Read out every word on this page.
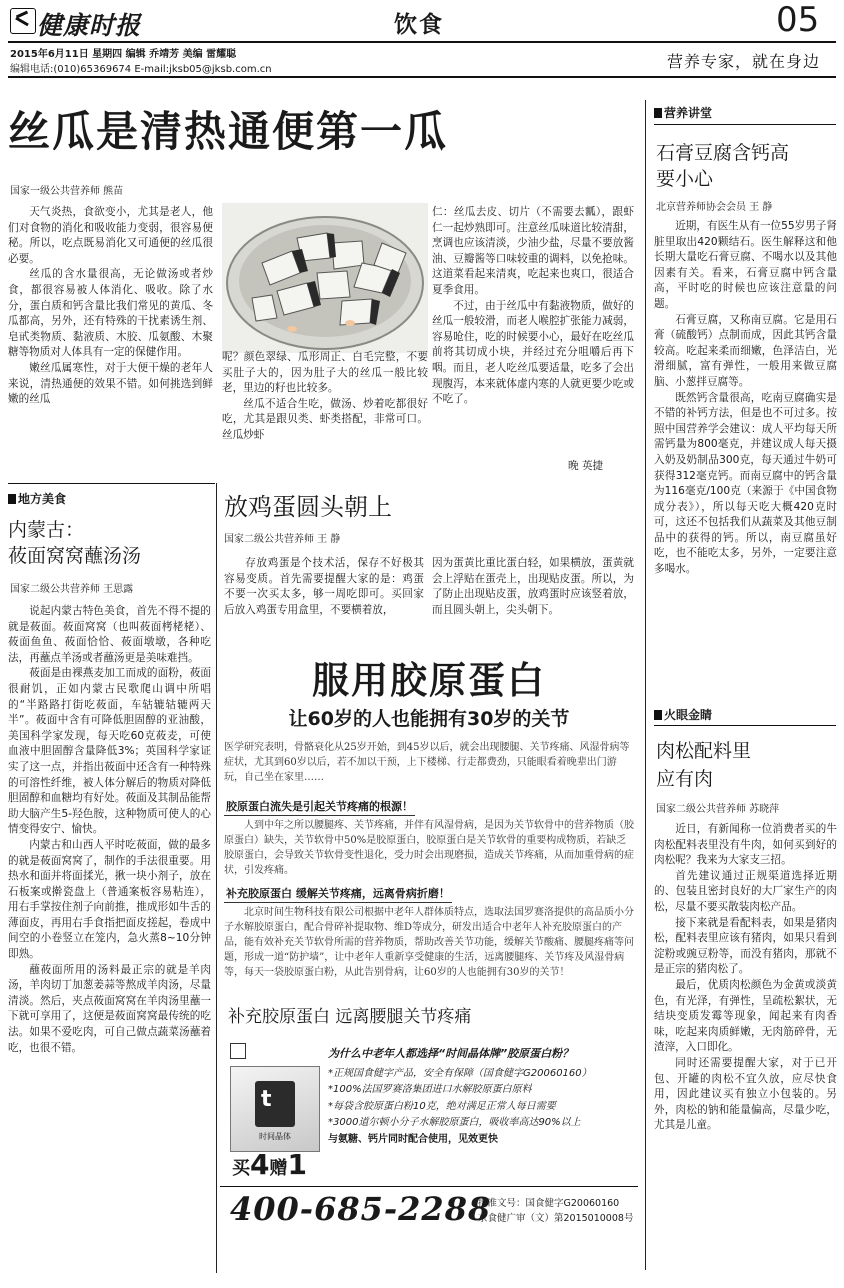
健康时报	饮食	05
2015年6月11日 星期四 编辑 乔靖芳 美编 雷耀聪
编辑电话:(010)65369674 E-mail:jksb05@jksb.com.cn	营养专家，就在身边
丝瓜是清热通便第一瓜
国家一级公共营养师 熊苗

天气炎热，食欲变小，尤其是老人，他们对食物的消化和吸收能力变弱，很容易便秘。所以，吃点既易消化又可通便的丝瓜很必要。

丝瓜的含水量很高，无论做汤或者炒食，都很容易被人体消化、吸收。除了水分，蛋白质和钙含量比我们常见的黄瓜、冬瓜都高，另外，还有特殊的干扰素诱生剂、皂甙类物质、黏液质、木胶、瓜氨酸、木聚糖等物质对人体具有一定的保健作用。

嫩丝瓜属寒性，对于大便干燥的老年人来说，清热通便的效果不错。如何挑选到鲜嫩的丝瓜

呢？颜色翠绿、瓜形周正、白毛完整，不要买肚子大的，因为肚子大的丝瓜一般比较老，里边的籽也比较多。

丝瓜不适合生吃，做汤、炒着吃都很好吃，尤其是跟贝类、虾类搭配，非常可口。丝瓜炒虾

仁：丝瓜去皮、切片（不需要去瓤），跟虾仁一起炒熟即可。注意丝瓜味道比较清甜，烹调也应该清淡，少油少盐，尽量不要放酱油、豆瓣酱等口味较重的调料，以免抢味。这道菜看起来清爽，吃起来也爽口，很适合夏季食用。

不过，由于丝瓜中有黏液物质，做好的丝瓜一般较滑，而老人喉腔扩张能力减弱，容易呛住，吃的时候要小心，最好在吃丝瓜前将其切成小块，并经过充分咀嚼后再下咽。而且，老人吃丝瓜要适量，吃多了会出现腹泻，本来就体虚内寒的人就更要少吃或不吃了。

晚 英捷
放鸡蛋圆头朝上
国家二级公共营养师 王 静

存放鸡蛋是个技术活，保存不好极其容易变质。首先需要提醒大家的是：鸡蛋不要一次买太多，够一周吃即可。买回家后放入鸡蛋专用盒里，不要横着放，

因为蛋黄比重比蛋白轻，如果横放，蛋黄就会上浮贴在蛋壳上，出现贴皮蛋。所以，为了防止出现贴皮蛋，放鸡蛋时应该竖着放，而且圆头朝上，尖头朝下。

地方美食
内蒙古：
莜面窝窝蘸汤汤
国家二级公共营养师 王思露

说起内蒙古特色美食，首先不得不提的就是莜面。莜面窝窝（也叫莜面栲栳栳）、莜面鱼鱼、莜面恰恰、莜面墩墩，各种吃法，再蘸点羊汤或者蘸汤更是美味难挡。

莜面是由裸燕麦加工而成的面粉，莜面很耐饥，正如内蒙古民歌爬山调中所唱的“半路路打街吃莜面，车轱辘轱辘两天半”。莜面中含有可降低胆固醇的亚油酸，美国科学家发现，每天吃60克莜麦，可使血液中胆固醇含量降低3%；英国科学家证实了这一点，并指出莜面中还含有一种特殊的可溶性纤维，被人体分解后的物质对降低胆固醇和血糖均有好处。莜面及其制品能帮助大脑产生5-羟色胺，这种物质可使人的心情变得安宁、愉快。

内蒙古和山西人平时吃莜面，做的最多的就是莜面窝窝了，制作的手法很重要。用热水和面并将面揉光，揪一块小剂子，放在石板案或擀瓷盘上（普通案板容易粘连），用右手掌按住剂子向前推，推成形如牛舌的薄面皮，再用右手食指把面皮搓起，卷成中间空的小卷竖立在笼内，急火蒸8~10分钟即熟。

蘸莜面所用的汤料最正宗的就是羊肉汤，羊肉切丁加葱姜蒜等熬成羊肉汤，尽量清淡。然后，夹点莜面窝窝在羊肉汤里蘸一下就可享用了，这便是莜面窝窝最传统的吃法。如果不爱吃肉，可自己做点蔬菜汤蘸着吃，也很不错。

服用胶原蛋白
让60岁的人也能拥有30岁的关节
医学研究表明，骨骼衰化从25岁开始，到45岁以后，就会出现腰腿、关节疼痛、风湿骨病等症状，尤其到60岁以后，若不加以干预，上下楼梯、行走都费劲，只能眼看着晚辈出门游玩，自己坐在家里……
胶原蛋白流失是引起关节疼痛的根源！
人到中年之所以腰腿疼、关节疼痛，并伴有风湿骨病，是因为关节软骨中的营养物质（胶原蛋白）缺失，关节软骨中50%是胶原蛋白，胶原蛋白是关节软骨的重要构成物质，若缺乏胶原蛋白，会导致关节软骨变性退化，受力时会出现磨损，造成关节疼痛，从而加重骨病的症状，引发疼痛。
补充胶原蛋白 缓解关节疼痛，远离骨病折磨！
北京时间生物科技有限公司根据中老年人群体质特点，选取法国罗赛洛提供的高品质小分子水解胶原蛋白，配合骨碎补提取物、维D等成分，研发出适合中老年人补充胶原蛋白的产品，能有效补充关节软骨所需的营养物质，帮助改善关节功能，缓解关节酸痛、腰腿疼痛等问题，形成一道“防护墙”，让中老年人重新享受健康的生活，远离腰腿疼、关节疼及风湿骨病等，每天一袋胶原蛋白粉，从此告别骨病，让60岁的人也能拥有30岁的关节！
补充胶原蛋白 远离腰腿关节疼痛
为什么中老年人都选择“时间晶体牌”胶原蛋白粉？
*正规国食健字产品，安全有保障（国食健字G20060160）
*100%法国罗赛洛集团进口水解胶原蛋白原料
*每袋含胶原蛋白粉10克，绝对满足正常人每日需要
*3000道尔顿小分子水解胶原蛋白，吸收率高达90%以上
与氨糖、钙片同时配合使用，见效更快
t
时间晶体
买4赠1
400-685-2288
批准文号：国食健字G20060160
京食健广审（文）第2015010008号
营养讲堂
石膏豆腐含钙高
要小心
北京营养师协会会员 王 静

近期，有医生从有一位55岁男子肾脏里取出420颗结石。医生解释这和他长期大量吃石膏豆腐、不喝水以及其他因素有关。看来，石膏豆腐中钙含量高，平时吃的时候也应该注意量的问题。

石膏豆腐，又称南豆腐。它是用石膏（硫酸钙）点制而成，因此其钙含量较高。吃起来柔而细嫩，色泽洁白，光滑细腻，富有弹性，一般用来做豆腐脑、小葱拌豆腐等。

既然钙含量很高，吃南豆腐确实是不错的补钙方法，但是也不可过多。按照中国营养学会建议：成人平均每天所需钙量为800毫克，并建议成人每天摄入奶及奶制品300克，每天通过牛奶可获得312毫克钙。而南豆腐中的钙含量为116毫克/100克（来源于《中国食物成分表》），所以每天吃大概420克时可，这还不包括我们从蔬菜及其他豆制品中的获得的钙。所以，南豆腐虽好吃，也不能吃太多，另外，一定要注意多喝水。

火眼金睛
肉松配料里
应有肉
国家二级公共营养师 苏晓萍

近日，有新闻称一位消费者买的牛肉松配料表里没有牛肉，如何买到好的肉松呢？我来为大家支三招。

首先建议通过正规渠道选择近期的、包装且密封良好的大厂家生产的肉松，尽量不要买散装肉松产品。

接下来就是看配料表，如果是猪肉松，配料表里应该有猪肉，如果只看到淀粉或豌豆粉等，而没有猪肉，那就不是正宗的猪肉松了。

最后，优质肉松颜色为金黄或淡黄色，有光泽，有弹性，呈疏松絮状，无结块变质发霉等现象，闻起来有肉香味，吃起来肉质鲜嫩，无肉筋碎骨，无渣滓，入口即化。

同时还需要提醒大家，对于已开包、开罐的肉松不宜久放，应尽快食用，因此建议买有独立小包装的。另外，肉松的钠和能量偏高，尽量少吃，尤其是儿童。
